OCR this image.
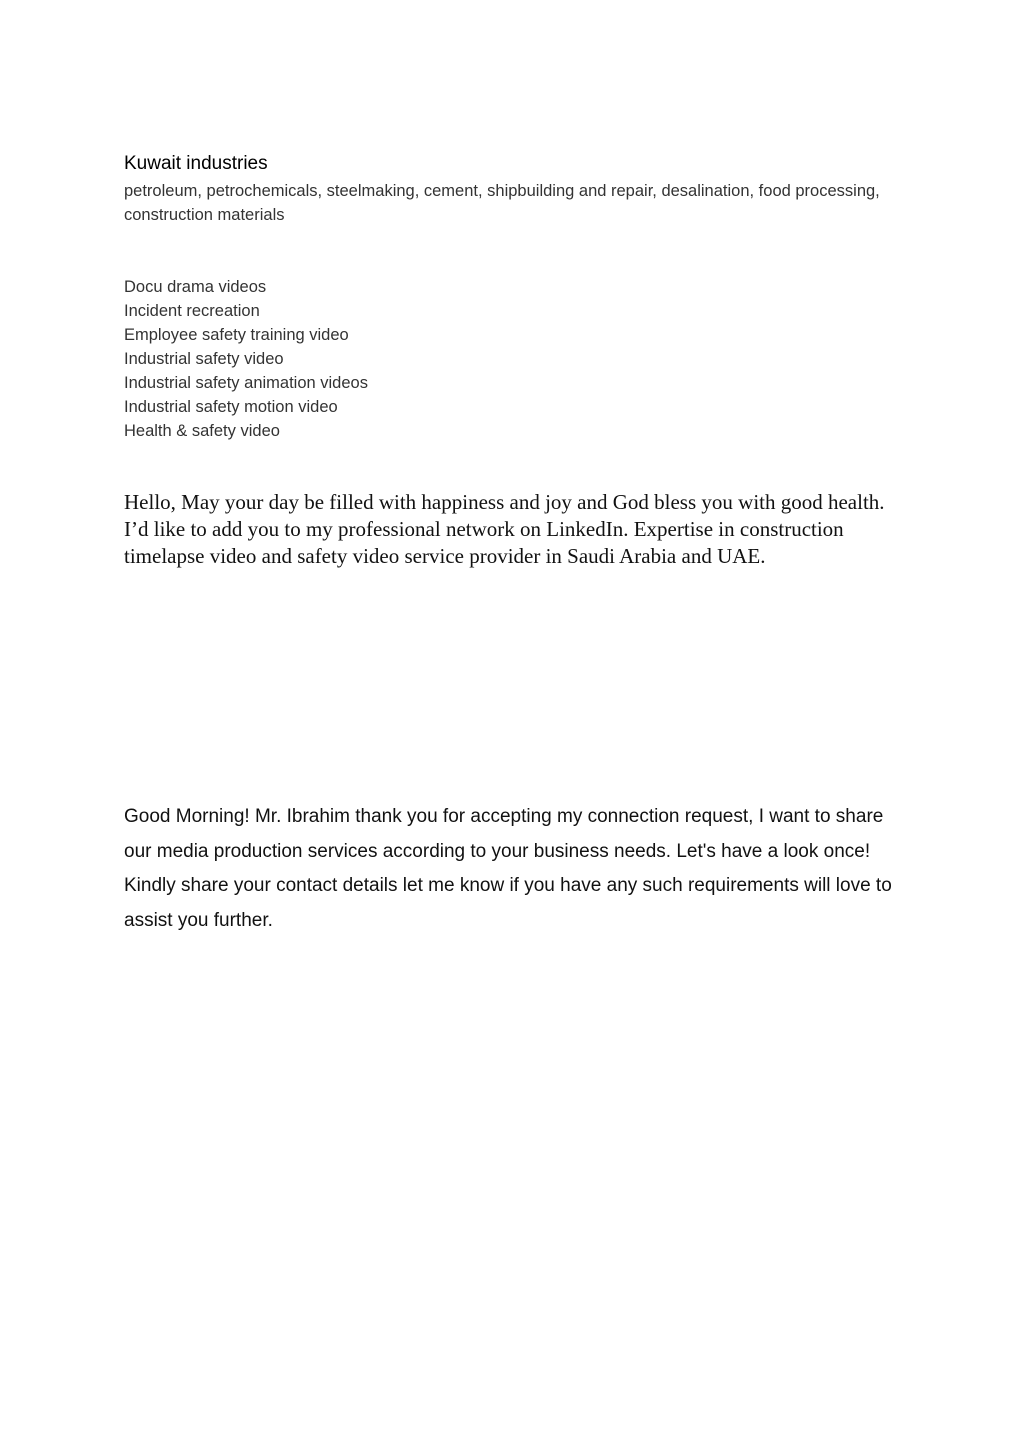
Kuwait industries
petroleum, petrochemicals, steelmaking, cement, shipbuilding and repair, desalination, food processing, construction materials
Docu drama videos
Incident recreation
Employee safety training video
Industrial safety video
Industrial safety animation videos
Industrial safety motion video
Health & safety video
Hello, May your day be filled with happiness and joy and God bless you with good health. I’d like to add you to my professional network on LinkedIn. Expertise in construction timelapse video and safety video service provider in Saudi Arabia and UAE.
Good Morning! Mr. Ibrahim thank you for accepting my connection request, I want to share our media production services according to your business needs. Let's have a look once! Kindly share your contact details let me know if you have any such requirements will love to assist you further.
